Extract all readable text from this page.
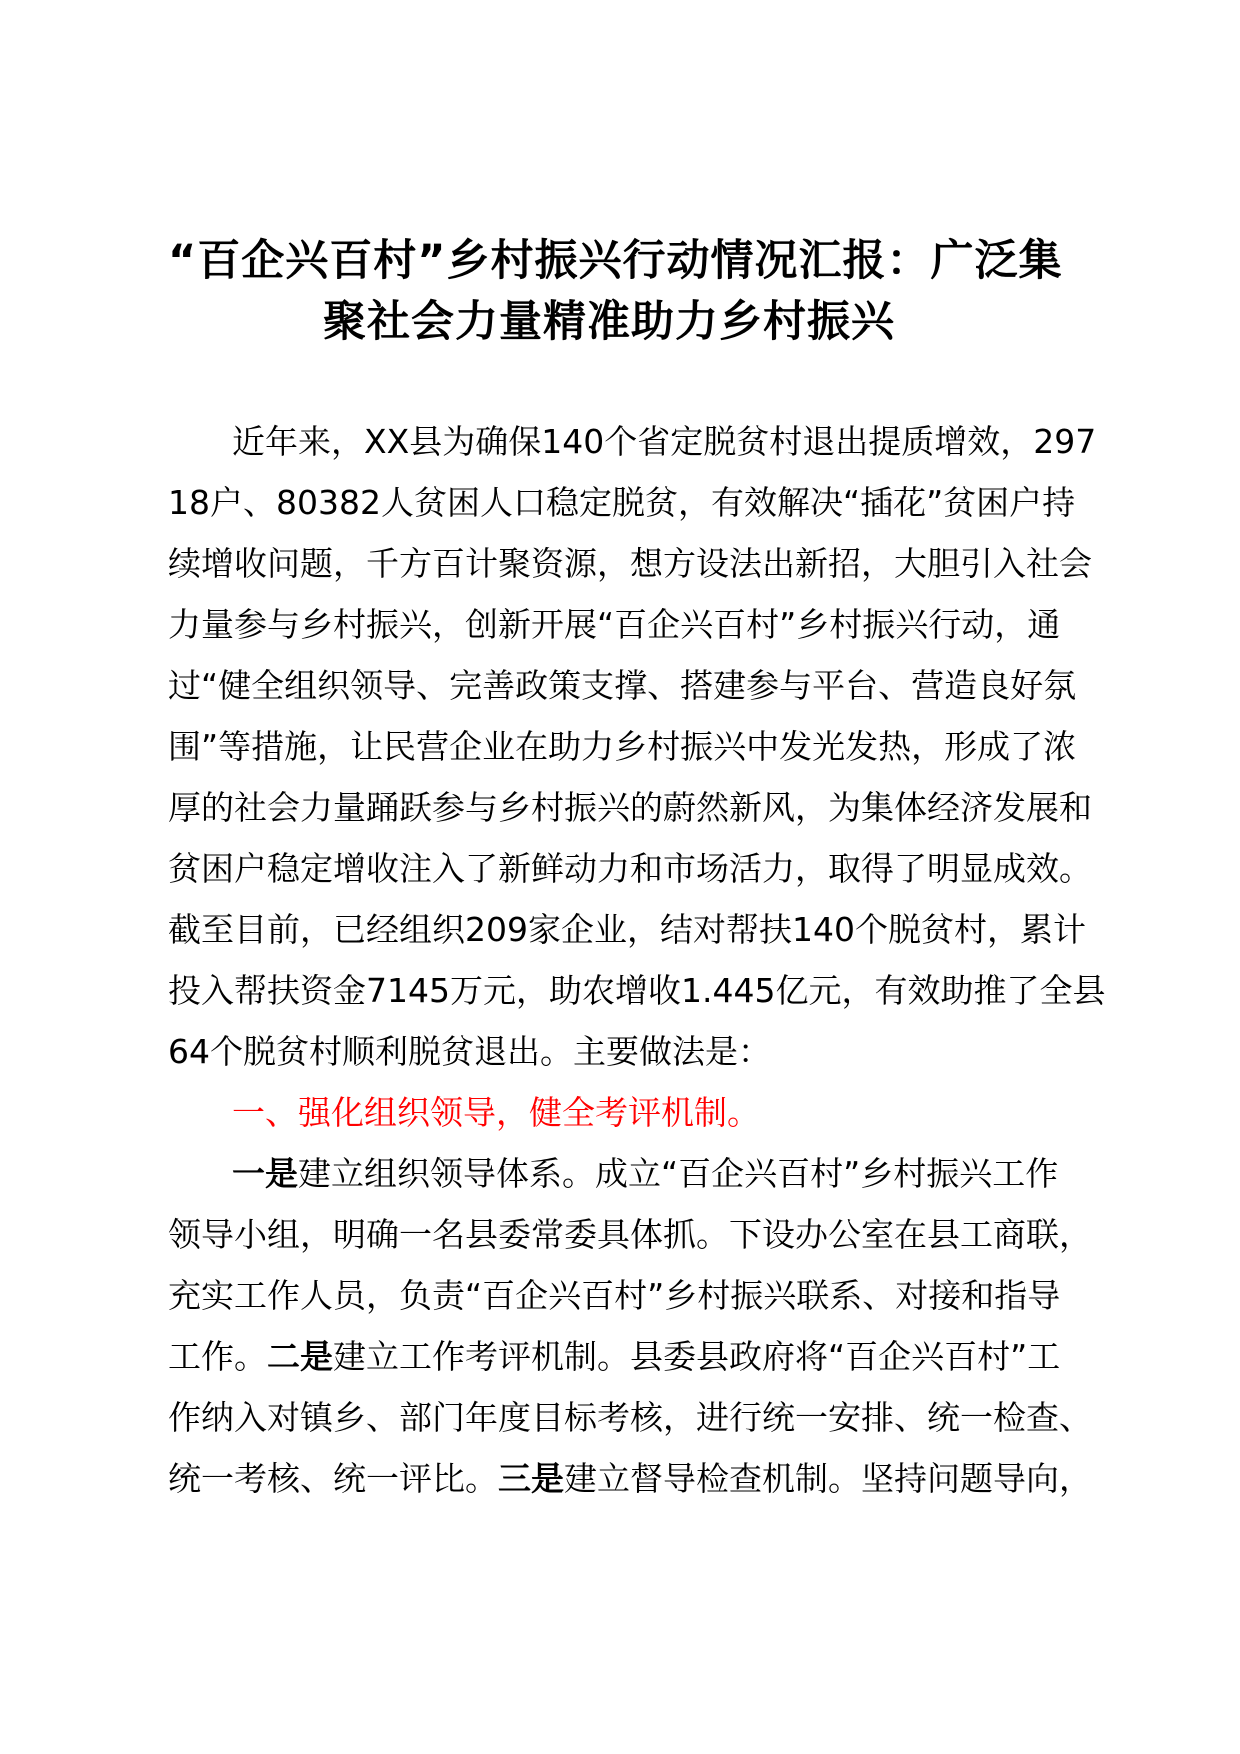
“百企兴百村”乡村振兴行动情况汇报：广泛集
聚社会力量精准助力乡村振兴
近年来，XX县为确保140个省定脱贫村退出提质增效，297
18户、80382人贫困人口稳定脱贫，有效解决“插花”贫困户持
续增收问题，千方百计聚资源，想方设法出新招，大胆引入社会
力量参与乡村振兴，创新开展“百企兴百村”乡村振兴行动，通
过“健全组织领导、完善政策支撑、搭建参与平台、营造良好氛
围”等措施，让民营企业在助力乡村振兴中发光发热，形成了浓
厚的社会力量踊跃参与乡村振兴的蔚然新风，为集体经济发展和
贫困户稳定增收注入了新鲜动力和市场活力，取得了明显成效。
截至目前，已经组织209家企业，结对帮扶140个脱贫村，累计
投入帮扶资金7145万元，助农增收1.445亿元，有效助推了全县
64个脱贫村顺利脱贫退出。主要做法是：
一、强化组织领导，健全考评机制。
一是建立组织领导体系。成立“百企兴百村”乡村振兴工作
领导小组，明确一名县委常委具体抓。下设办公室在县工商联，
充实工作人员，负责“百企兴百村”乡村振兴联系、对接和指导
工作。二是建立工作考评机制。县委县政府将“百企兴百村”工
作纳入对镇乡、部门年度目标考核，进行统一安排、统一检查、
统一考核、统一评比。三是建立督导检查机制。坚持问题导向，
